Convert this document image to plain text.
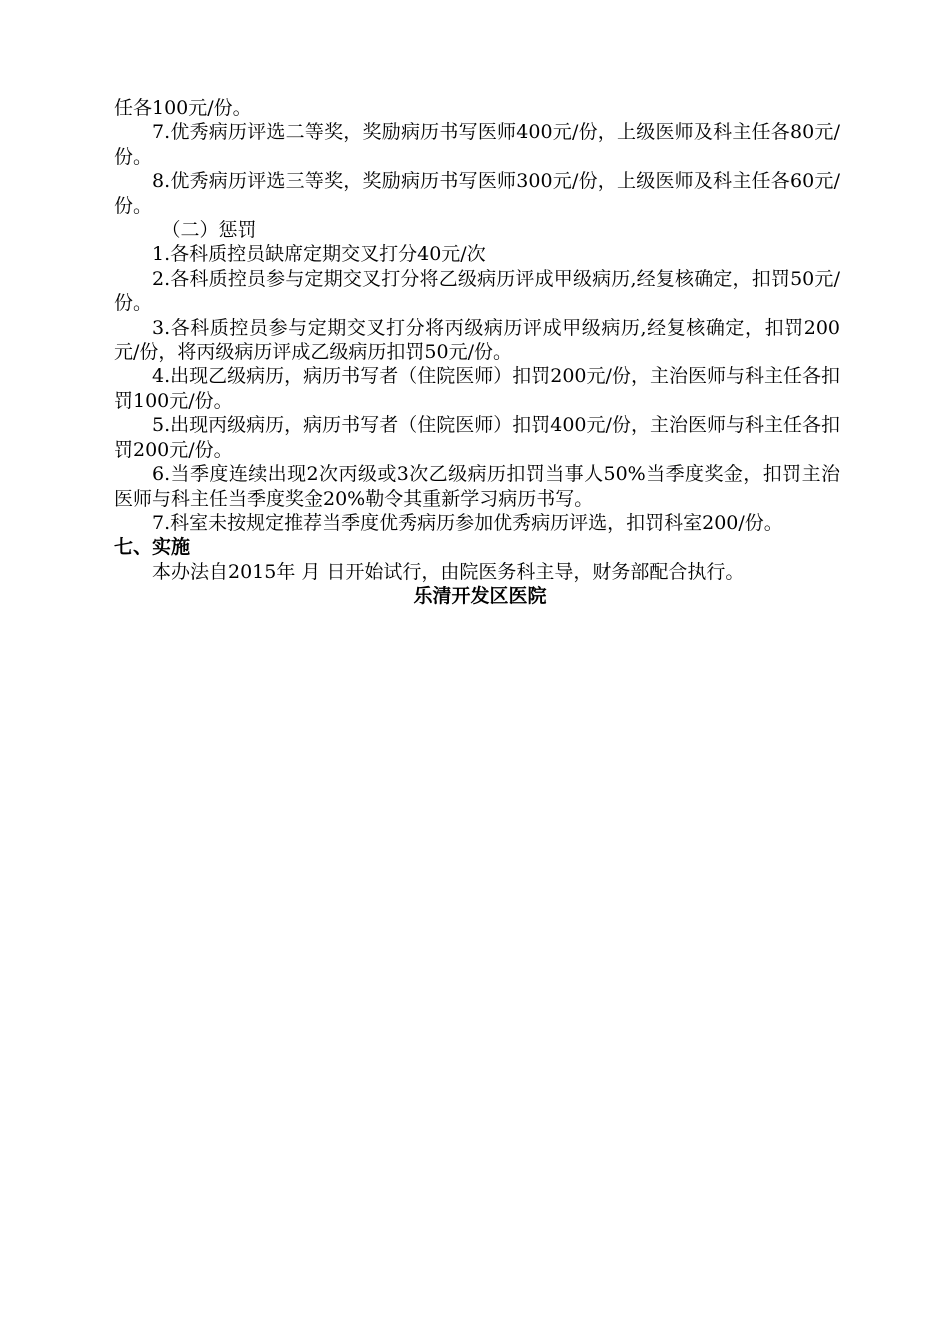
任各100元/份。

7.优秀病历评选二等奖，奖励病历书写医师400元/份，上级医师及科主任各80元/份。

8.优秀病历评选三等奖，奖励病历书写医师300元/份，上级医师及科主任各60元/份。

（二）惩罚

1.各科质控员缺席定期交叉打分40元/次

2.各科质控员参与定期交叉打分将乙级病历评成甲级病历,经复核确定，扣罚50元/份。

3.各科质控员参与定期交叉打分将丙级病历评成甲级病历,经复核确定，扣罚200元/份，将丙级病历评成乙级病历扣罚50元/份。

4.出现乙级病历，病历书写者（住院医师）扣罚200元/份，主治医师与科主任各扣罚100元/份。

5.出现丙级病历，病历书写者（住院医师）扣罚400元/份，主治医师与科主任各扣罚200元/份。

6.当季度连续出现2次丙级或3次乙级病历扣罚当事人50%当季度奖金，扣罚主治医师与科主任当季度奖金20%勒令其重新学习病历书写。

7.科室未按规定推荐当季度优秀病历参加优秀病历评选，扣罚科室200/份。

七、实施

本办法自2015年 月 日开始试行，由院医务科主导，财务部配合执行。

乐清开发区医院
